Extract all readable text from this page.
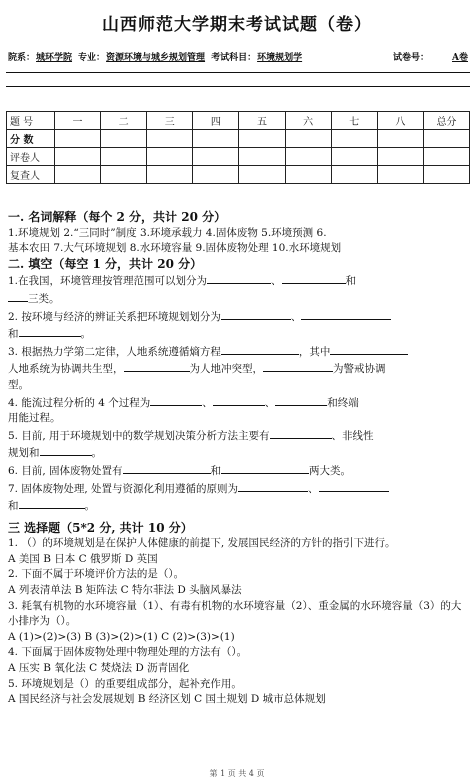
山西师范大学期末考试试题（卷）
院系： 城环学院 专业： 资源环境与城乡规划管理 考试科目： 环境规划学	试卷号：	A卷
题 号	一	二	三	四	五	六	七	八	总分
分 数									
评卷人									
复查人									

一. 名词解释（每个 2 分，共计 20 分）

1.环境规划 2.“三同时”制度 3.环境承载力 4.固体废物 5.环境预测 6.

基本农田 7.大气环境规划 8.水环境容量 9.固体废物处理 10.水环境规划

二. 填空（每空 1 分，共计 20 分）

1.在我国，环境管理按管理范围可以划分为	、	和
三类。

2. 按环境与经济的辨证关系把环境规划划分为	、
和	。

3. 根据热力学第二定律，人地系统遵循熵方程	，其中
人地系统为协调共生型，	为人地冲突型，	为警戒协调
型。

4. 能流过程分析的 4 个过程为	、	、	和终端
用能过程。

5. 目前, 用于环境规划中的数学规划决策分析方法主要有	、非线性
规划和	。

6. 目前, 固体废物处置有	和	两大类。

7. 固体废物处理, 处置与资源化利用遵循的原则为	、
和	。

三 选择题（5*2 分, 共计 10 分）

1. （）的环境规划是在保护人体健康的前提下, 发展国民经济的方针的指引下进行。

A 美国 B 日本 C 俄罗斯 D 英国

2. 下面不属于环境评价方法的是（）。

A 列表清单法 B 矩阵法 C 特尔菲法 D 头脑风暴法

3. 耗氧有机物的水环境容量（1）、有毒有机物的水环境容量（2）、重金属的水环境容量（3）的大小排序为（）。

A (1)>(2)>(3) B (3)>(2)>(1) C (2)>(3)>(1)

4. 下面属于固体废物处理中物理处理的方法有（）。

A 压实 B 氧化法 C 焚烧法 D 沥青固化

5. 环境规划是（）的重要组成部分，起补充作用。

A 国民经济与社会发展规划 B 经济区划 C 国土规划 D 城市总体规划

第 1 页 共 4 页
